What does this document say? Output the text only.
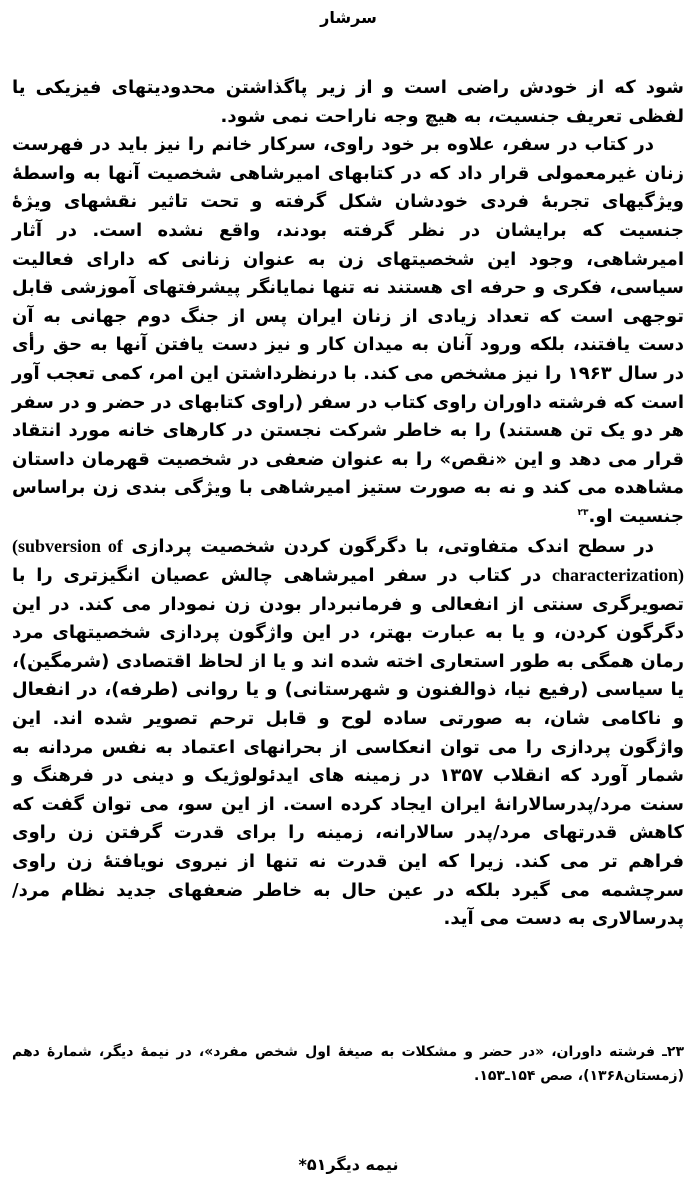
سرشار

شود که از خودش راضی است و از زیر پاگذاشتن محدودیتهای فیزیکی یا لفظی تعریف جنسیت، به هیچ وجه ناراحت نمی شود.

در کتاب در سفر، علاوه بر خود راوی، سرکار خانم را نیز باید در فهرست زنان غیرمعمولی قرار داد که در کتابهای امیرشاهی شخصیت آنها به واسطهٔ ویژگیهای تجربهٔ فردی خودشان شکل گرفته و تحت تاثیر نقشهای ویژهٔ جنسیت که برایشان در نظر گرفته بودند، واقع نشده است. در آثار امیرشاهی، وجود این شخصیتهای زن به عنوان زنانی که دارای فعالیت سیاسی، فکری و حرفه ای هستند نه تنها نمایانگر پیشرفتهای آموزشی قابل توجهی است که تعداد زیادی از زنان ایران پس از جنگ دوم جهانی به آن دست یافتند، بلکه ورود آنان به میدان کار و نیز دست یافتن آنها به حق رأی در سال ۱۹۶۳ را نیز مشخص می کند. با درنظرداشتن این امر، کمی تعجب آور است که فرشته داوران راوی کتاب در سفر (راوی کتابهای در حضر و در سفر هر دو یک تن هستند) را به خاطر شرکت نجستن در کارهای خانه مورد انتقاد قرار می دهد و این «نقص» را به عنوان ضعفی در شخصیت قهرمان داستان مشاهده می کند و نه به صورت ستیز امیرشاهی با ویژگی بندی زن براساس جنسیت او.$^{۲۳}$

در سطح اندک متفاوتی، با دگرگون کردن شخصیت پردازی (subversion of characterization) در کتاب در سفر امیرشاهی چالش عصیان انگیزتری را با تصویرگری سنتی از انفعالی و فرمانبردار بودن زن نمودار می کند. در این دگرگون کردن، و یا به عبارت بهتر، در این واژگون پردازی شخصیتهای مرد رمان همگی به طور استعاری اخته شده اند و یا از لحاظ اقتصادی (شرمگین)، یا سیاسی (رفیع نیا، ذوالفنون و شهرستانی) و یا روانی (طرفه)، در انفعال و ناکامی شان، به صورتی ساده لوح و قابل ترحم تصویر شده اند. این واژگون پردازی را می توان انعکاسی از بحرانهای اعتماد به نفس مردانه به شمار آورد که انقلاب ۱۳۵۷ در زمینه های ایدئولوژیک و دینی در فرهنگ و سنت مرد/پدرسالارانهٔ ایران ایجاد کرده است. از این سو، می توان گفت که کاهش قدرتهای مرد/پدر سالارانه، زمینه را برای قدرت گرفتن زن راوی فراهم تر می کند. زیرا که این قدرت نه تنها از نیروی نویافتهٔ زن راوی سرچشمه می گیرد بلکه در عین حال به خاطر ضعفهای جدید نظام مرد/پدرسالاری به دست می آید.

۲۳ـ فرشته داوران، «در حضر و مشکلات به صیغهٔ اول شخص مفرد»، در نیمهٔ دیگر، شمارهٔ دهم (زمستان۱۳۶۸)، صص ۱۵۴ـ۱۵۳.

نیمه دیگر۵۱*
